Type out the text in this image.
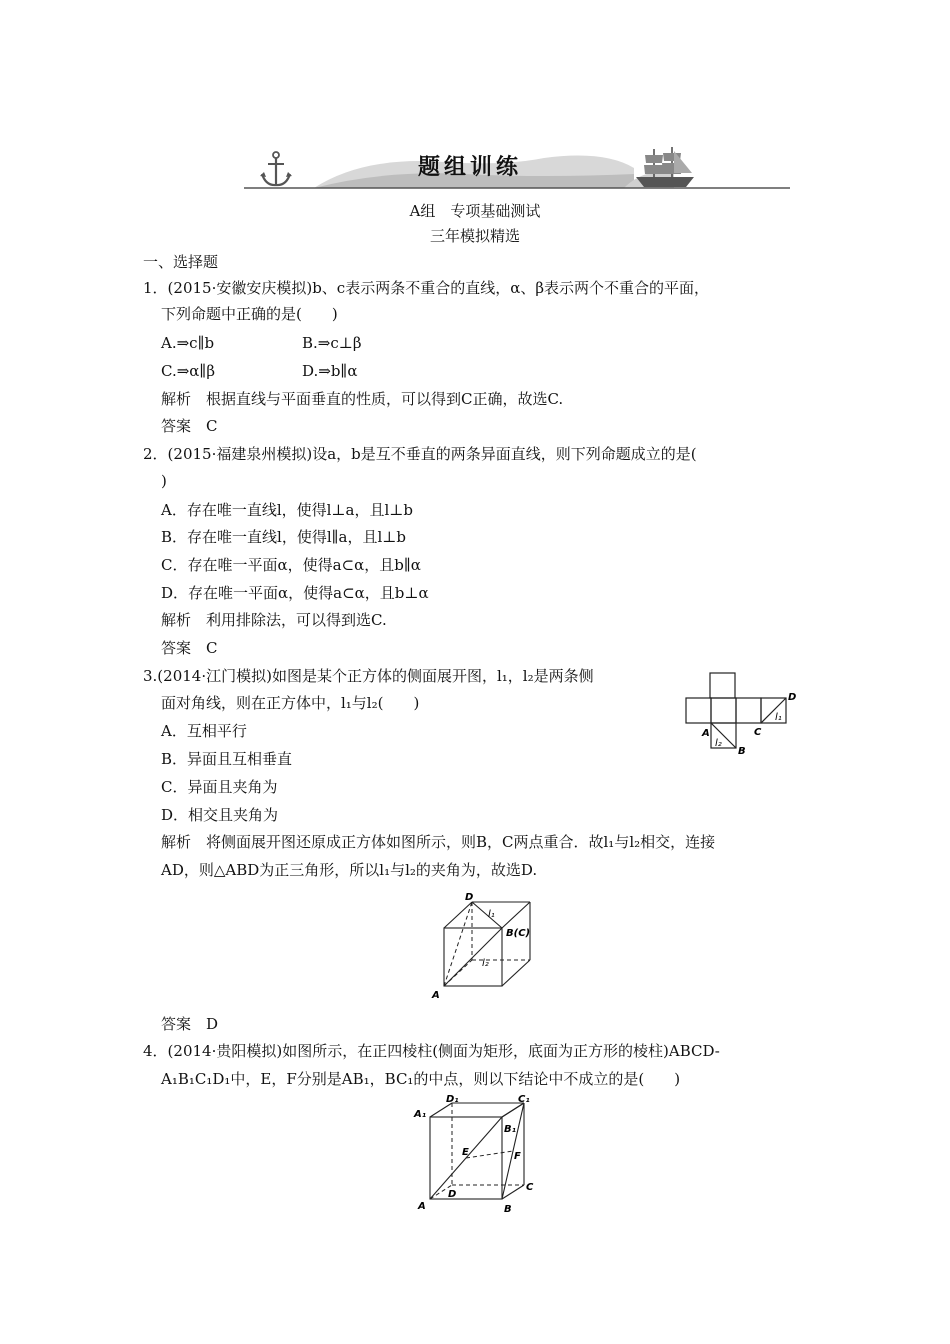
题组训练
A组　专项基础测试
三年模拟精选
一、选择题
1．(2015·安徽安庆模拟)b、c表示两条不重合的直线，α、β表示两个不重合的平面，
下列命题中正确的是(　　)
A.⇒c∥b	B.⇒c⊥β
C.⇒α∥β	D.⇒b∥α
解析　根据直线与平面垂直的性质，可以得到C正确，故选C.
答案　C
2．(2015·福建泉州模拟)设a，b是互不垂直的两条异面直线，则下列命题成立的是(
)
A．存在唯一直线l，使得l⊥a，且l⊥b
B．存在唯一直线l，使得l∥a，且l⊥b
C．存在唯一平面α，使得a⊂α，且b∥α
D．存在唯一平面α，使得a⊂α，且b⊥α
解析　利用排除法，可以得到选C.
答案　C
3.(2014·江门模拟)如图是某个正方体的侧面展开图，l₁，l₂是两条侧
面对角线，则在正方体中，l₁与l₂(　　)
A．互相平行
B．异面且互相垂直
C．异面且夹角为
D．相交且夹角为
解析　将侧面展开图还原成正方体如图所示，则B，C两点重合．故l₁与l₂相交，连接
AD，则△ABD为正三角形，所以l₁与l₂的夹角为，故选D.
D
l₁
C
A
l₂
B
D
l₁
B(C)
l₂
A
答案　D
4．(2014·贵阳模拟)如图所示，在正四棱柱(侧面为矩形，底面为正方形的棱柱)ABCD-
A₁B₁C₁D₁中，E，F分别是AB₁，BC₁的中点，则以下结论中不成立的是(　　)
D₁	C₁
A₁
B₁
E	F
D
C
A	B
